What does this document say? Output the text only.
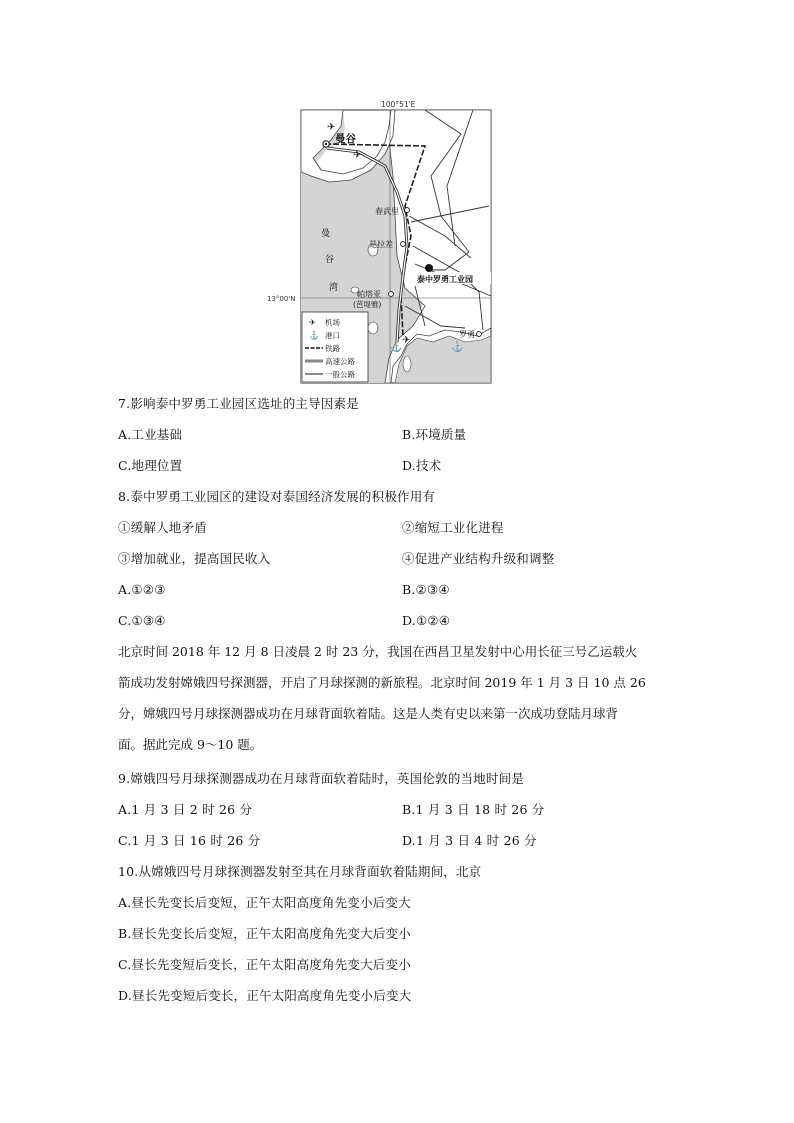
100°51'E
13°00'N
曼谷
✈
✈
✈
⚓	⚓
春武里
是拉差
帕塔亚
(芭堤雅)
罗勇
泰中罗勇工业园
曼
谷
湾
✈ 机场
⚓ 港口
铁路
高速公路
一般公路
7.影响泰中罗勇工业园区选址的主导因素是
A.工业基础	B.环境质量
C.地理位置	D.技术
8.泰中罗勇工业园区的建设对泰国经济发展的积极作用有
①缓解人地矛盾	②缩短工业化进程
③增加就业，提高国民收入	④促进产业结构升级和调整
A.①②③	B.②③④
C.①③④	D.①②④
北京时间 2018 年 12 月 8 日凌晨 2 时 23 分，我国在西昌卫星发射中心用长征三号乙运载火
箭成功发射嫦娥四号探测器，开启了月球探测的新旅程。北京时间 2019 年 1 月 3 日 10 点 26
分，嫦娥四号月球探测器成功在月球背面软着陆。这是人类有史以来第一次成功登陆月球背
面。据此完成 9～10 题。
9.嫦娥四号月球探测器成功在月球背面软着陆时，英国伦敦的当地时间是
A.1 月 3 日 2 时 26 分	B.1 月 3 日 18 时 26 分
C.1 月 3 日 16 时 26 分	D.1 月 3 日 4 时 26 分
10.从嫦娥四号月球探测器发射至其在月球背面软着陆期间，北京
A.昼长先变长后变短，正午太阳高度角先变小后变大
B.昼长先变长后变短，正午太阳高度角先变大后变小
C.昼长先变短后变长，正午太阳高度角先变大后变小
D.昼长先变短后变长，正午太阳高度角先变小后变大
